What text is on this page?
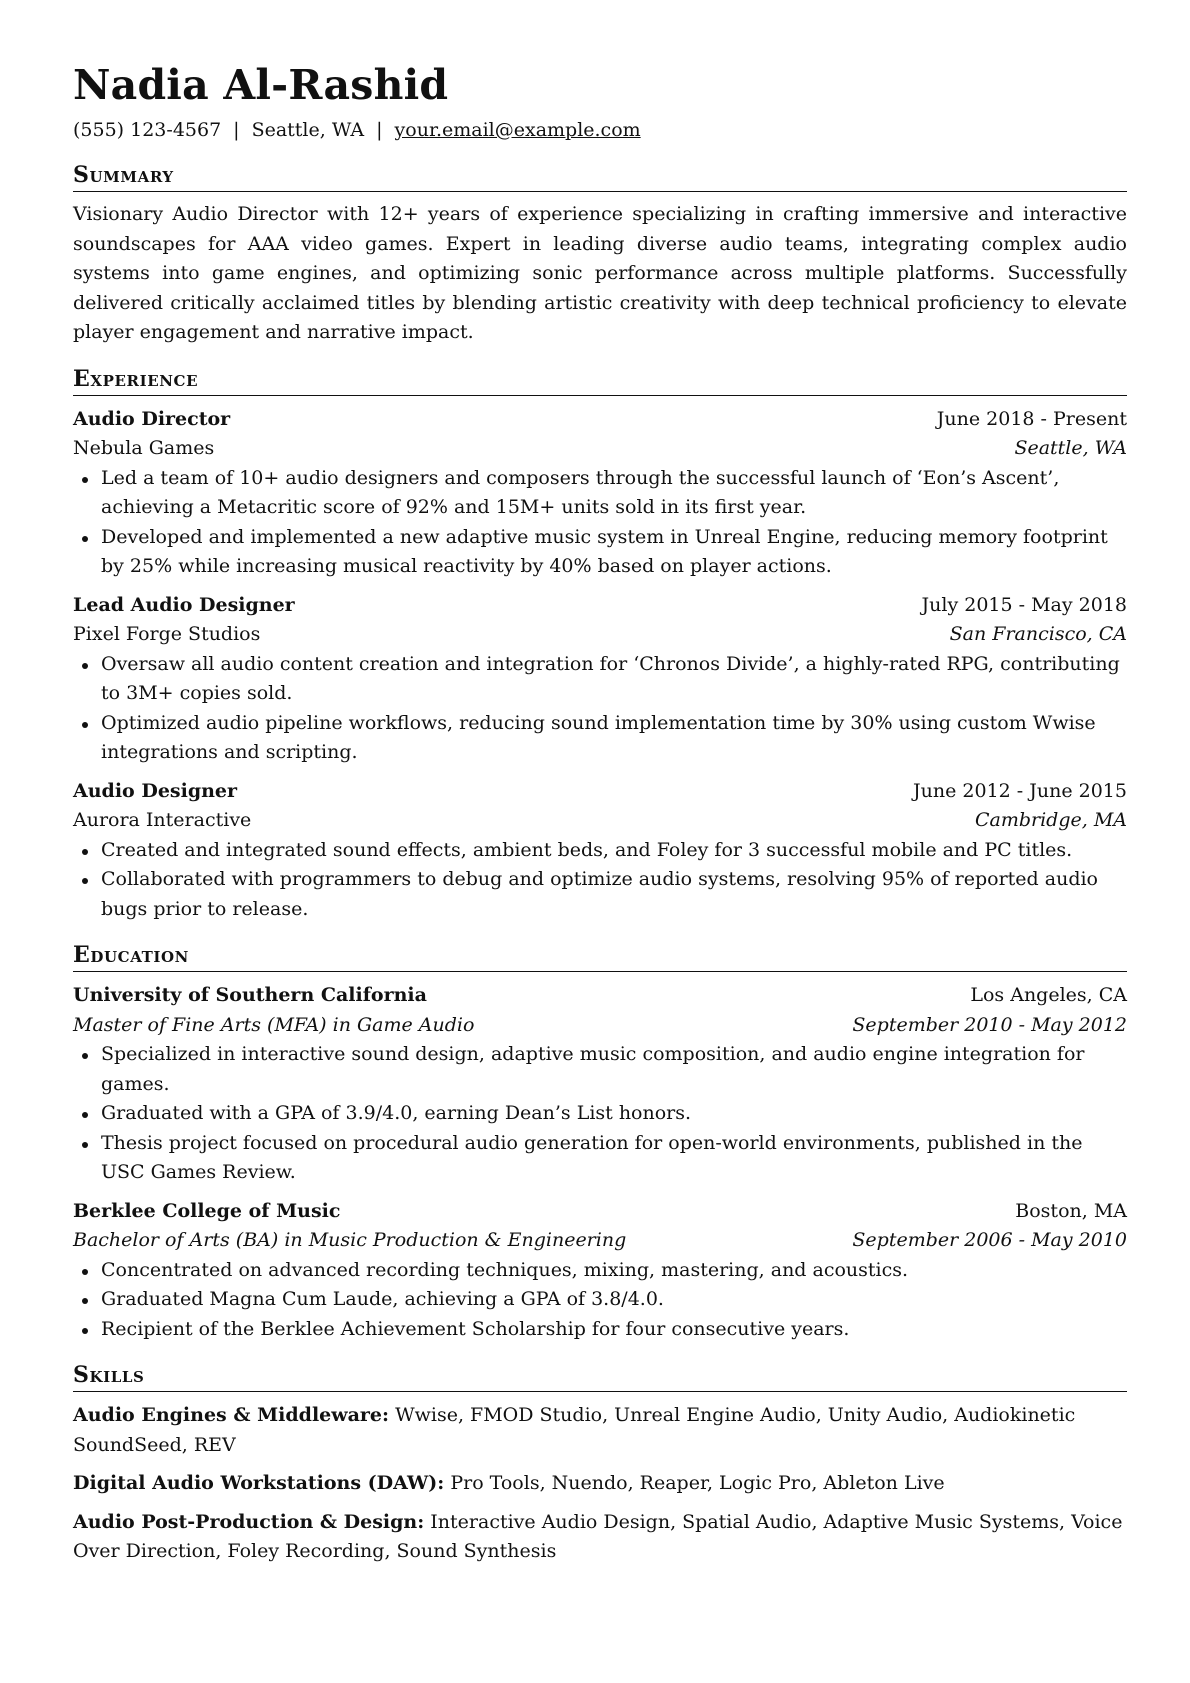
Nadia Al-Rashid
(555) 123-4567 | Seattle, WA | your.email@example.com
Summary
Visionary Audio Director with 12+ years of experience specializing in crafting immersive and interactive soundscapes for AAA video games. Expert in leading diverse audio teams, integrating complex audio systems into game engines, and optimizing sonic performance across multiple platforms. Successfully delivered critically acclaimed titles by blending artistic creativity with deep technical proficiency to elevate player engagement and narrative impact.
Experience
Audio Director	June 2018 - Present
Nebula Games	Seattle, WA
Led a team of 10+ audio designers and composers through the successful launch of ‘Eon’s Ascent’, achieving a Metacritic score of 92% and 15M+ units sold in its first year.
Developed and implemented a new adaptive music system in Unreal Engine, reducing memory footprint by 25% while increasing musical reactivity by 40% based on player actions.
Lead Audio Designer	July 2015 - May 2018
Pixel Forge Studios	San Francisco, CA
Oversaw all audio content creation and integration for ‘Chronos Divide’, a highly-rated RPG, contributing to 3M+ copies sold.
Optimized audio pipeline workflows, reducing sound implementation time by 30% using custom Wwise integrations and scripting.
Audio Designer	June 2012 - June 2015
Aurora Interactive	Cambridge, MA
Created and integrated sound effects, ambient beds, and Foley for 3 successful mobile and PC titles.
Collaborated with programmers to debug and optimize audio systems, resolving 95% of reported audio bugs prior to release.
Education
University of Southern California	Los Angeles, CA
Master of Fine Arts (MFA) in Game Audio	September 2010 - May 2012
Specialized in interactive sound design, adaptive music composition, and audio engine integration for games.
Graduated with a GPA of 3.9/4.0, earning Dean’s List honors.
Thesis project focused on procedural audio generation for open-world environments, published in the USC Games Review.
Berklee College of Music	Boston, MA
Bachelor of Arts (BA) in Music Production & Engineering	September 2006 - May 2010
Concentrated on advanced recording techniques, mixing, mastering, and acoustics.
Graduated Magna Cum Laude, achieving a GPA of 3.8/4.0.
Recipient of the Berklee Achievement Scholarship for four consecutive years.
Skills
Audio Engines & Middleware: Wwise, FMOD Studio, Unreal Engine Audio, Unity Audio, Audiokinetic SoundSeed, REV
Digital Audio Workstations (DAW): Pro Tools, Nuendo, Reaper, Logic Pro, Ableton Live
Audio Post-Production & Design: Interactive Audio Design, Spatial Audio, Adaptive Music Systems, Voice Over Direction, Foley Recording, Sound Synthesis
